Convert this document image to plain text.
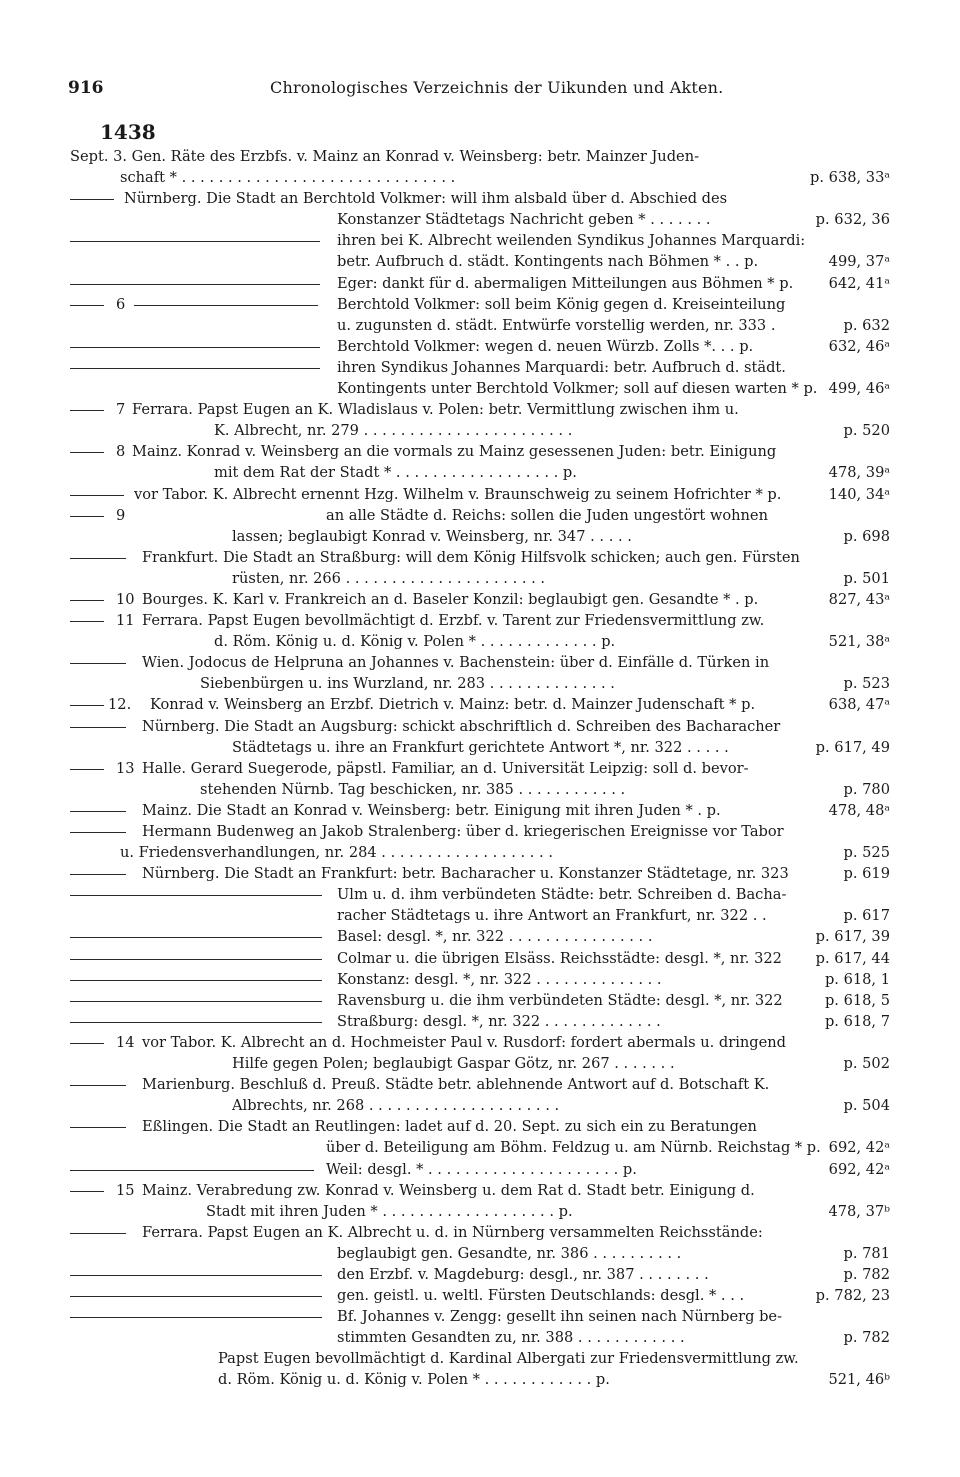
916	Chronologisches Verzeichnis der Uikunden und Akten.
1438
Sept. 3. Gen. Räte des Erzbfs. v. Mainz an Konrad v. Weinsberg: betr. Mainzer Juden-
schaft * . . . . . . . . . . . . . . . . . . . . . . . . . . . . . .	p. 638, 33ᵃ
Nürnberg. Die Stadt an Berchtold Volkmer: will ihm alsbald über d. Abschied des
Konstanzer Städtetags Nachricht geben * . . . . . . .	p. 632, 36
ihren bei K. Albrecht weilenden Syndikus Johannes Marquardi:
betr. Aufbruch d. städt. Kontingents nach Böhmen * . . p.	499, 37ᵃ
Eger: dankt für d. abermaligen Mitteilungen aus Böhmen * p. 642, 41ᵃ
6	Berchtold Volkmer: soll beim König gegen d. Kreiseinteilung
u. zugunsten d. städt. Entwürfe vorstellig werden, nr. 333 .	p. 632
Berchtold Volkmer: wegen d. neuen Würzb. Zolls *. . . p.	632, 46ᵃ
ihren Syndikus Johannes Marquardi: betr. Aufbruch d. städt.
Kontingents unter Berchtold Volkmer; soll auf diesen warten * p. 499, 46ᵃ
7 Ferrara. Papst Eugen an K. Wladislaus v. Polen: betr. Vermittlung zwischen ihm u.
K. Albrecht, nr. 279 . . . . . . . . . . . . . . . . . . . . . . .	p. 520
8 Mainz. Konrad v. Weinsberg an die vormals zu Mainz gesessenen Juden: betr. Einigung
mit dem Rat der Stadt * . . . . . . . . . . . . . . . . . . p.	478, 39ᵃ
vor Tabor. K. Albrecht ernennt Hzg. Wilhelm v. Braunschweig zu seinem Hofrichter * p.	140, 34ᵃ
9	an alle Städte d. Reichs: sollen die Juden ungestört wohnen
lassen; beglaubigt Konrad v. Weinsberg, nr. 347 . . . . .	p. 698
Frankfurt. Die Stadt an Straßburg: will dem König Hilfsvolk schicken; auch gen. Fürsten
rüsten, nr. 266 . . . . . . . . . . . . . . . . . . . . . .	p. 501
10 Bourges. K. Karl v. Frankreich an d. Baseler Konzil: beglaubigt gen. Gesandte * . p.	827, 43ᵃ
11 Ferrara. Papst Eugen bevollmächtigt d. Erzbf. v. Tarent zur Friedensvermittlung zw.
d. Röm. König u. d. König v. Polen * . . . . . . . . . . . . . p.	521, 38ᵃ
Wien. Jodocus de Helpruna an Johannes v. Bachenstein: über d. Einfälle d. Türken in
Siebenbürgen u. ins Wurzland, nr. 283 . . . . . . . . . . . . . .	p. 523
12. Konrad v. Weinsberg an Erzbf. Dietrich v. Mainz: betr. d. Mainzer Judenschaft * p.	638, 47ᵃ
Nürnberg. Die Stadt an Augsburg: schickt abschriftlich d. Schreiben des Bacharacher
Städtetags u. ihre an Frankfurt gerichtete Antwort *, nr. 322 . . . . .	p. 617, 49
13 Halle. Gerard Suegerode, päpstl. Familiar, an d. Universität Leipzig: soll d. bevor-
stehenden Nürnb. Tag beschicken, nr. 385 . . . . . . . . . . . .	p. 780
Mainz. Die Stadt an Konrad v. Weinsberg: betr. Einigung mit ihren Juden * . p.	478, 48ᵃ
Hermann Budenweg an Jakob Stralenberg: über d. kriegerischen Ereignisse vor Tabor
u. Friedensverhandlungen, nr. 284 . . . . . . . . . . . . . . . . . . .	p. 525
Nürnberg. Die Stadt an Frankfurt: betr. Bacharacher u. Konstanzer Städtetage, nr. 323	p. 619
Ulm u. d. ihm verbündeten Städte: betr. Schreiben d. Bacha-
racher Städtetags u. ihre Antwort an Frankfurt, nr. 322 . .	p. 617
Basel: desgl. *, nr. 322 . . . . . . . . . . . . . . . .	p. 617, 39
Colmar u. die übrigen Elsäss. Reichsstädte: desgl. *, nr. 322 p. 617, 44
Konstanz: desgl. *, nr. 322 . . . . . . . . . . . . . .	p. 618, 1
Ravensburg u. die ihm verbündeten Städte: desgl. *, nr. 322	p. 618, 5
Straßburg: desgl. *, nr. 322 . . . . . . . . . . . . .	p. 618, 7
14 vor Tabor. K. Albrecht an d. Hochmeister Paul v. Rusdorf: fordert abermals u. dringend
Hilfe gegen Polen; beglaubigt Gaspar Götz, nr. 267 . . . . . . .	p. 502
Marienburg. Beschluß d. Preuß. Städte betr. ablehnende Antwort auf d. Botschaft K.
Albrechts, nr. 268 . . . . . . . . . . . . . . . . . . . . .	p. 504
Eßlingen. Die Stadt an Reutlingen: ladet auf d. 20. Sept. zu sich ein zu Beratungen
über d. Beteiligung am Böhm. Feldzug u. am Nürnb. Reichstag * p. 692, 42ᵃ
Weil: desgl. * . . . . . . . . . . . . . . . . . . . . . p.	692, 42ᵃ
15 Mainz. Verabredung zw. Konrad v. Weinsberg u. dem Rat d. Stadt betr. Einigung d.
Stadt mit ihren Juden * . . . . . . . . . . . . . . . . . . . p.	478, 37ᵇ
Ferrara. Papst Eugen an K. Albrecht u. d. in Nürnberg versammelten Reichsstände:
beglaubigt gen. Gesandte, nr. 386 . . . . . . . . . .	p. 781
den Erzbf. v. Magdeburg: desgl., nr. 387 . . . . . . . .	p. 782
gen. geistl. u. weltl. Fürsten Deutschlands: desgl. * . . .	p. 782, 23
Bf. Johannes v. Zengg: gesellt ihn seinen nach Nürnberg be-
stimmten Gesandten zu, nr. 388 . . . . . . . . . . . .	p. 782
Papst Eugen bevollmächtigt d. Kardinal Albergati zur Friedensvermittlung zw.
d. Röm. König u. d. König v. Polen * . . . . . . . . . . . . p.	521, 46ᵇ
